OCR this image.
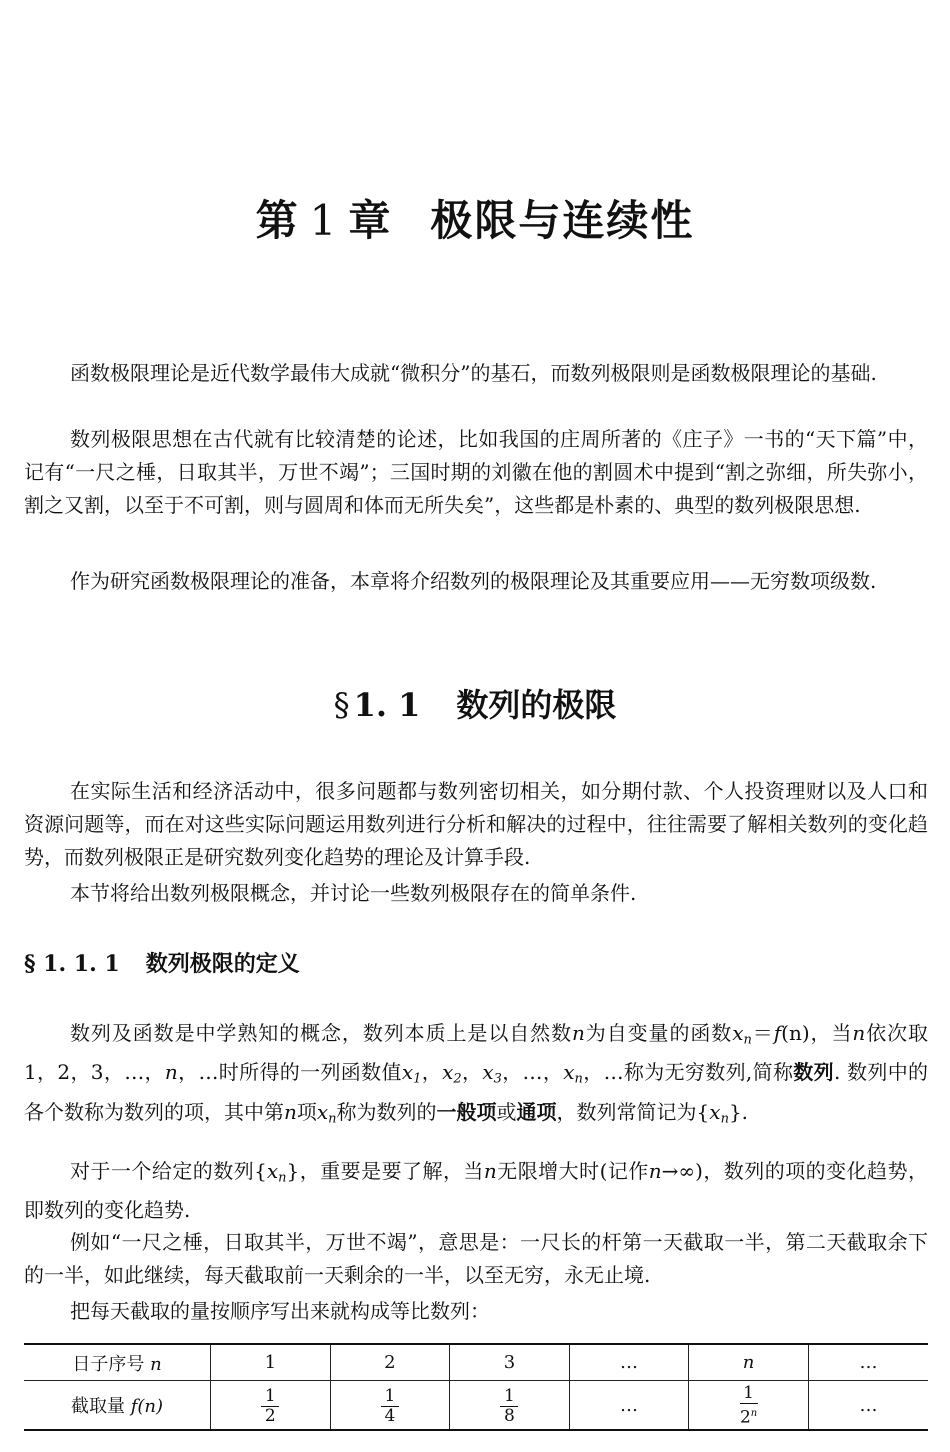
第 1 章 极限与连续性

函数极限理论是近代数学最伟大成就“微积分”的基石，而数列极限则是函数极限理论的基础.

数列极限思想在古代就有比较清楚的论述，比如我国的庄周所著的《庄子》一书的“天下篇”中，记有“一尺之棰，日取其半，万世不竭”；三国时期的刘徽在他的割圆术中提到“割之弥细，所失弥小，割之又割，以至于不可割，则与圆周和体而无所失矣”，这些都是朴素的、典型的数列极限思想.

作为研究函数极限理论的准备，本章将介绍数列的极限理论及其重要应用——无穷数项级数.

§ 1. 1 数列的极限

在实际生活和经济活动中，很多问题都与数列密切相关，如分期付款、个人投资理财以及人口和资源问题等，而在对这些实际问题运用数列进行分析和解决的过程中，往往需要了解相关数列的变化趋势，而数列极限正是研究数列变化趋势的理论及计算手段.

本节将给出数列极限概念，并讨论一些数列极限存在的简单条件.

§ 1. 1. 1 数列极限的定义

数列及函数是中学熟知的概念，数列本质上是以自然数n为自变量的函数$x_n=f(n)$，当n依次取 1，2，3，…，n，…时所得的一列函数值$x_1$，$x_2$，$x_3$，…，$x_n$，…称为无穷数列,简称数列. 数列中的各个数称为数列的项，其中第n项$x_n$称为数列的一般项或通项，数列常简记为$\{x_n\}$.

对于一个给定的数列$\{x_n\}$，重要是要了解，当n无限增大时(记作n→∞)，数列的项的变化趋势，即数列的变化趋势.

例如“一尺之棰，日取其半，万世不竭”，意思是：一尺长的杆第一天截取一半，第二天截取余下的一半，如此继续，每天截取前一天剩余的一半，以至无穷，永无止境.

把每天截取的量按顺序写出来就构成等比数列：

日子序号 n	1	2	3	…	n	…
截取量 f(n)	$\frac{1}{2}$	$\frac{1}{4}$	$\frac{1}{8}$	…	$\frac{1}{2^n}$	…
